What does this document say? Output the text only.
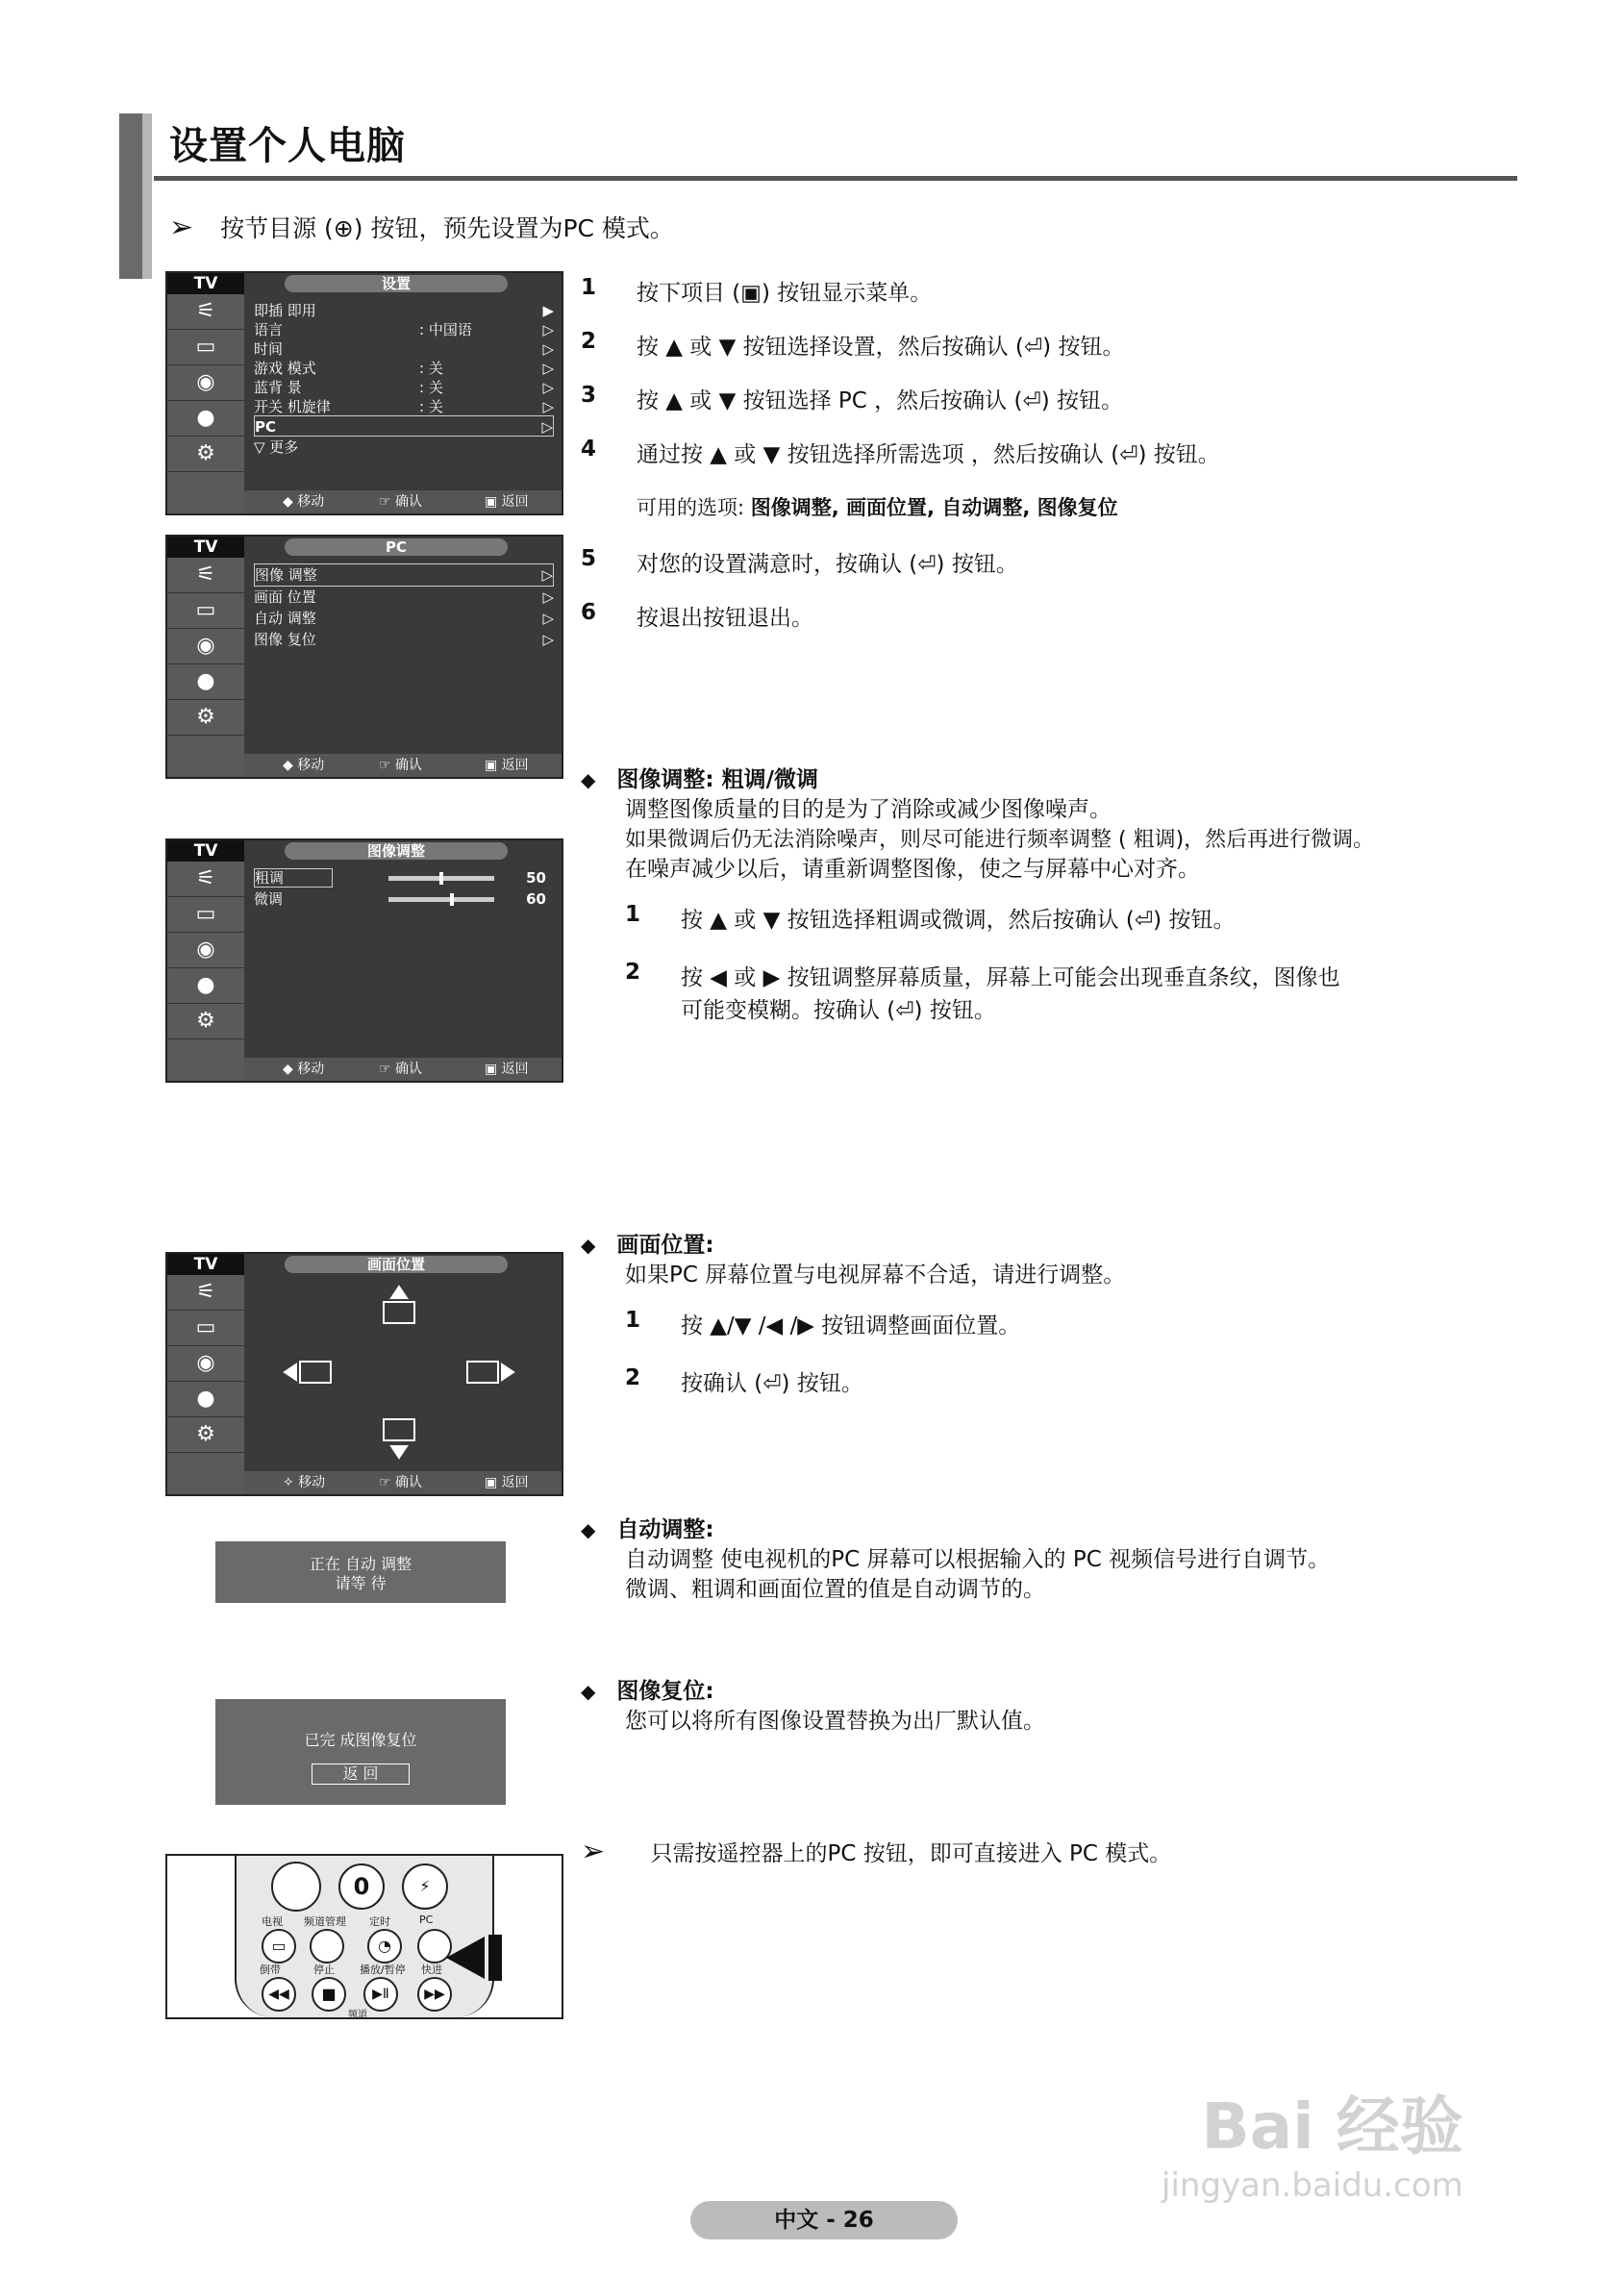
设置个人电脑
➢ 按节目源 (⊕) 按钮，预先设置为PC 模式。
TV
⚟
▭
◉
●
⚙
设置
即插 即用	▶
语言	: 中国语	▷
时间	▷
游戏 模式	: 关	▷
蓝背 景	: 关	▷
开关 机旋律	: 关	▷
PC	▷
▽ 更多
◆ 移动	☞ 确认	▣ 返回
TV
⚟
▭
◉
●
⚙
PC
图像 调整	▷
画面 位置	▷
自动 调整	▷
图像 复位	▷
◆ 移动	☞ 确认	▣ 返回
TV
⚟
▭
◉
●
⚙
图像调整
粗调	50
微调	60
◆ 移动	☞ 确认	▣ 返回
TV
⚟
▭
◉
●
⚙
画面位置
✧ 移动	☞ 确认	▣ 返回
正在 自动 调整
请等 待
已完 成图像复位
返 回
0	⚡
电视 频道管理 定时	PC
▭	◔
倒带	停止 播放/暂停 快进
◀◀	■	▶Ⅱ	▶▶
频道
1 按下项目 (▣) 按钮显示菜单。
2 按 ▲ 或 ▼ 按钮选择设置，然后按确认 (⏎) 按钮。
3 按 ▲ 或 ▼ 按钮选择 PC ，然后按确认 (⏎) 按钮。
4 通过按 ▲ 或 ▼ 按钮选择所需选项 ，然后按确认 (⏎) 按钮。
可用的选项: 图像调整, 画面位置, 自动调整, 图像复位
5 对您的设置满意时，按确认 (⏎) 按钮。
6 按退出按钮退出。
◆ 图像调整: 粗调/微调
调整图像质量的目的是为了消除或减少图像噪声。
如果微调后仍无法消除噪声，则尽可能进行频率调整 ( 粗调)，然后再进行微调。
在噪声减少以后，请重新调整图像，使之与屏幕中心对齐。
1 按 ▲ 或 ▼ 按钮选择粗调或微调，然后按确认 (⏎) 按钮。
2 按 ◀ 或 ▶ 按钮调整屏幕质量，屏幕上可能会出现垂直条纹，图像也
可能变模糊。按确认 (⏎) 按钮。
◆ 画面位置:
如果PC 屏幕位置与电视屏幕不合适，请进行调整。
1 按 ▲/▼ /◀ /▶ 按钮调整画面位置。
2 按确认 (⏎) 按钮。
◆ 自动调整:
自动调整 使电视机的PC 屏幕可以根据输入的 PC 视频信号进行自调节。
微调、粗调和画面位置的值是自动调节的。
◆ 图像复位:
您可以将所有图像设置替换为出厂默认值。
➢ 只需按遥控器上的PC 按钮，即可直接进入 PC 模式。
中文 - 26
Bai 经验
jingyan.baidu.com
